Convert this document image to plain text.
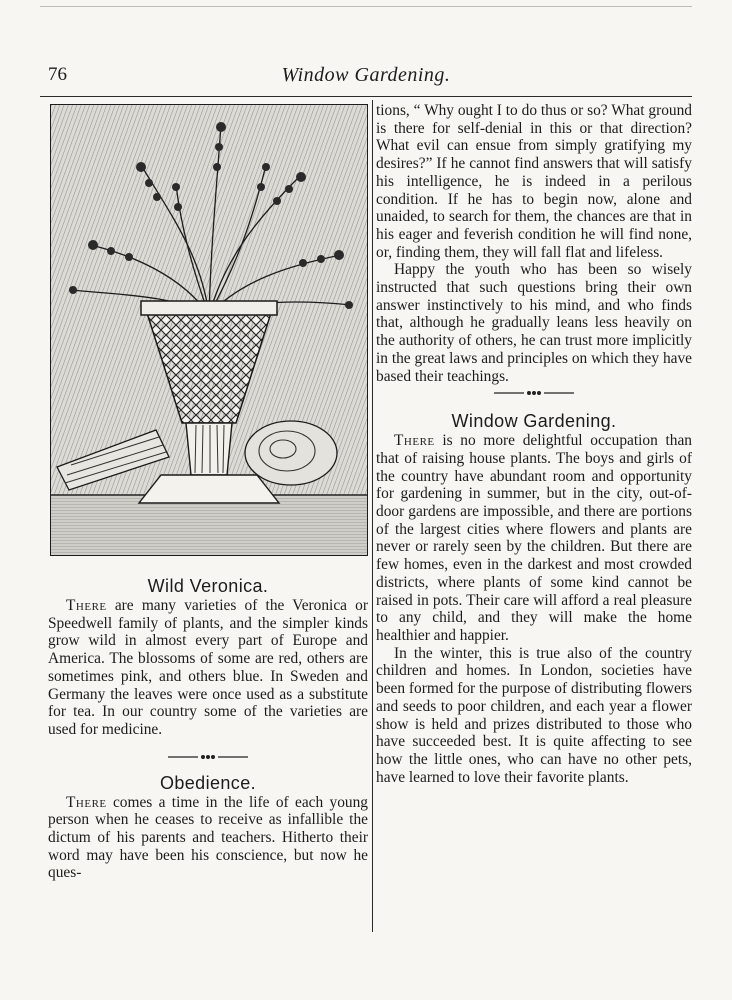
76	Window Gardening.
Wild Veronica.

There are many varieties of the Veronica or Speedwell family of plants, and the simpler kinds grow wild in almost every part of Europe and America. The blossoms of some are red, others are sometimes pink, and others blue. In Sweden and Germany the leaves were once used as a substitute for tea. In our country some of the varieties are used for medicine.

Obedience.

There comes a time in the life of each young person when he ceases to receive as infallible the dictum of his parents and teachers. Hitherto their word may have been his conscience, but now he ques-

tions, “ Why ought I to do thus or so? What ground is there for self-denial in this or that direction? What evil can ensue from simply gratifying my desires?” If he cannot find answers that will satisfy his intelligence, he is indeed in a perilous condition. If he has to begin now, alone and unaided, to search for them, the chances are that in his eager and feverish condition he will find none, or, finding them, they will fall flat and lifeless.

Happy the youth who has been so wisely instructed that such questions bring their own answer instinctively to his mind, and who finds that, although he gradually leans less heavily on the authority of others, he can trust more implicitly in the great laws and principles on which they have based their teachings.

Window Gardening.

There is no more delightful occupation than that of raising house plants. The boys and girls of the country have abundant room and opportunity for gardening in summer, but in the city, out-of-door gardens are impossible, and there are portions of the largest cities where flowers and plants are never or rarely seen by the children. But there are few homes, even in the darkest and most crowded districts, where plants of some kind cannot be raised in pots. Their care will afford a real pleasure to any child, and they will make the home healthier and happier.

In the winter, this is true also of the country children and homes. In London, societies have been formed for the purpose of distributing flowers and seeds to poor children, and each year a flower show is held and prizes distributed to those who have succeeded best. It is quite affecting to see how the little ones, who can have no other pets, have learned to love their favorite plants.
